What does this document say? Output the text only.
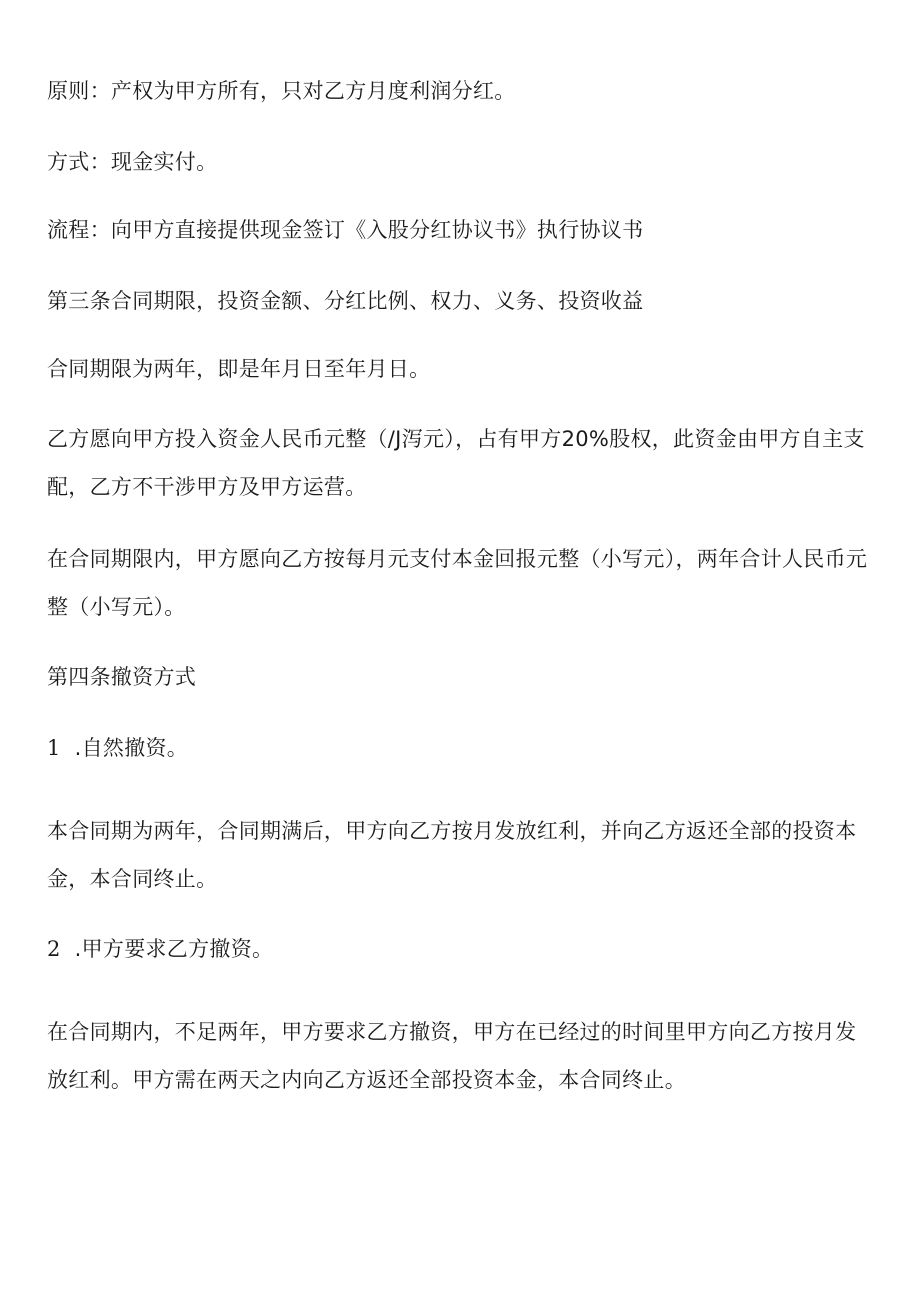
原则：产权为甲方所有，只对乙方月度利润分红。

方式：现金实付。

流程：向甲方直接提供现金签订《入股分红协议书》执行协议书

第三条合同期限，投资金额、分红比例、权力、义务、投资收益

合同期限为两年，即是年月日至年月日。

乙方愿向甲方投入资金人民币元整（/J泻元），占有甲方20%股权，此资金由甲方自主支配，乙方不干涉甲方及甲方运营。

在合同期限内，甲方愿向乙方按每月元支付本金回报元整（小写元），两年合计人民币元整（小写元）。

第四条撤资方式

1 .自然撤资。

本合同期为两年，合同期满后，甲方向乙方按月发放红利，并向乙方返还全部的投资本金，本合同终止。

2 .甲方要求乙方撤资。

在合同期内，不足两年，甲方要求乙方撤资，甲方在已经过的时间里甲方向乙方按月发放红利。甲方需在两天之内向乙方返还全部投资本金，本合同终止。
